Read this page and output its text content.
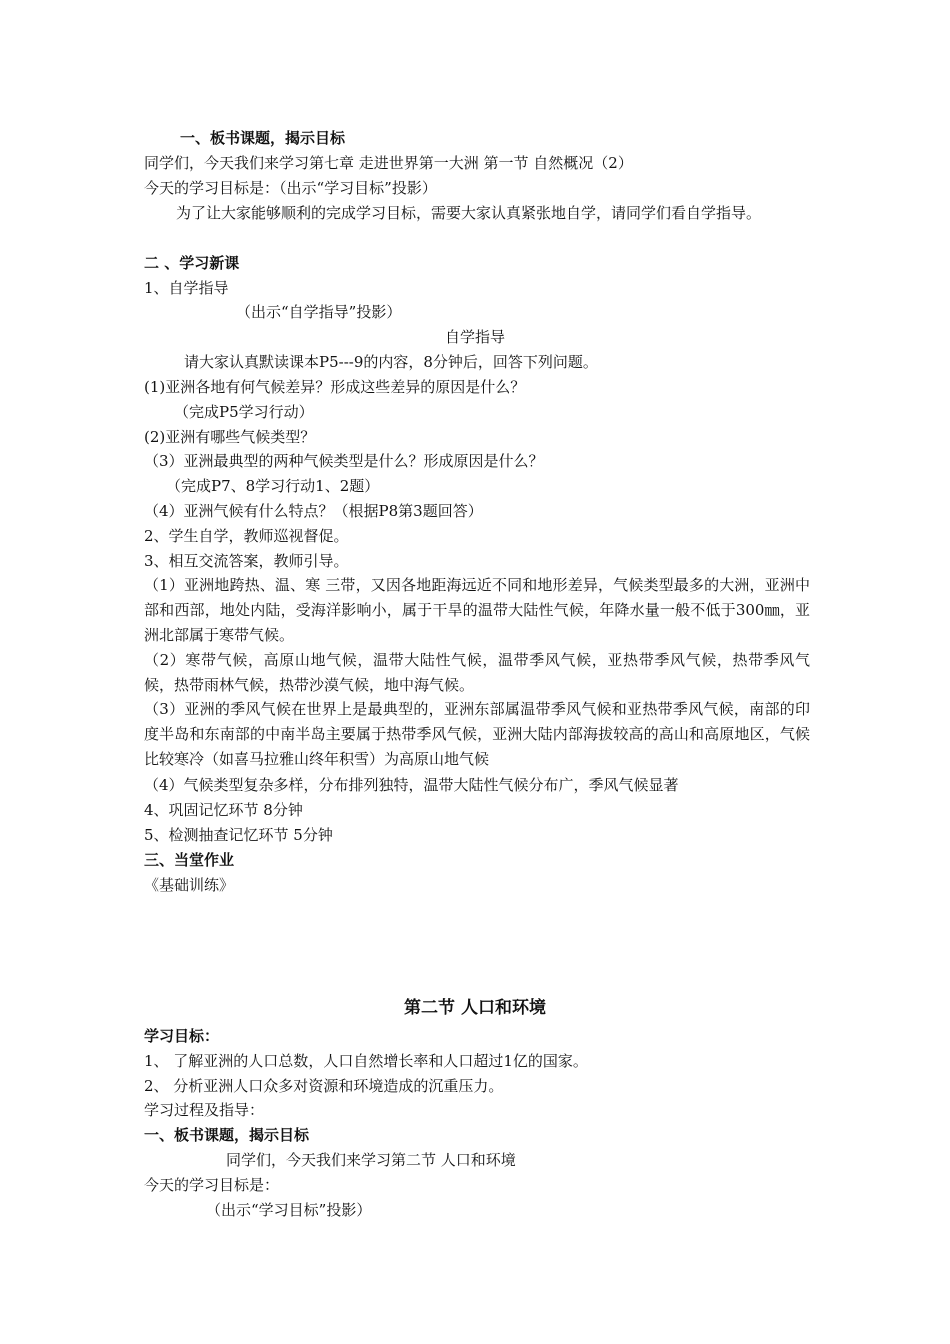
一、板书课题，揭示目标
同学们，今天我们来学习第七章 走进世界第一大洲 第一节 自然概况（2）
今天的学习目标是：（出示“学习目标”投影）
为了让大家能够顺利的完成学习目标，需要大家认真紧张地自学，请同学们看自学指导。
二 、学习新课
1、自学指导
（出示“自学指导”投影）
自学指导
请大家认真默读课本P5---9的内容，8分钟后，回答下列问题。
(1)亚洲各地有何气候差异？形成这些差异的原因是什么？
（完成P5学习行动）
(2)亚洲有哪些气候类型？
（3）亚洲最典型的两种气候类型是什么？形成原因是什么？
（完成P7、8学习行动1、2题）
（4）亚洲气候有什么特点？（根据P8第3题回答）
2、学生自学，教师巡视督促。
3、相互交流答案，教师引导。
（1）亚洲地跨热、温、寒 三带，又因各地距海远近不同和地形差异，气候类型最多的大洲，亚洲中部和西部，地处内陆，受海洋影响小，属于干旱的温带大陆性气候，年降水量一般不低于300㎜，亚洲北部属于寒带气候。
（2）寒带气候，高原山地气候，温带大陆性气候，温带季风气候，亚热带季风气候，热带季风气候，热带雨林气候，热带沙漠气候，地中海气候。
（3）亚洲的季风气候在世界上是最典型的，亚洲东部属温带季风气候和亚热带季风气候，南部的印度半岛和东南部的中南半岛主要属于热带季风气候，亚洲大陆内部海拔较高的高山和高原地区，气候比较寒冷（如喜马拉雅山终年积雪）为高原山地气候
（4）气候类型复杂多样，分布排列独特，温带大陆性气候分布广，季风气候显著
4、巩固记忆环节 8分钟
5、检测抽查记忆环节 5分钟
三、当堂作业
《基础训练》
第二节 人口和环境
学习目标：
1、 了解亚洲的人口总数，人口自然增长率和人口超过1亿的国家。
2、 分析亚洲人口众多对资源和环境造成的沉重压力。
学习过程及指导：
一、板书课题，揭示目标
同学们，今天我们来学习第二节 人口和环境
今天的学习目标是：
（出示“学习目标”投影）
